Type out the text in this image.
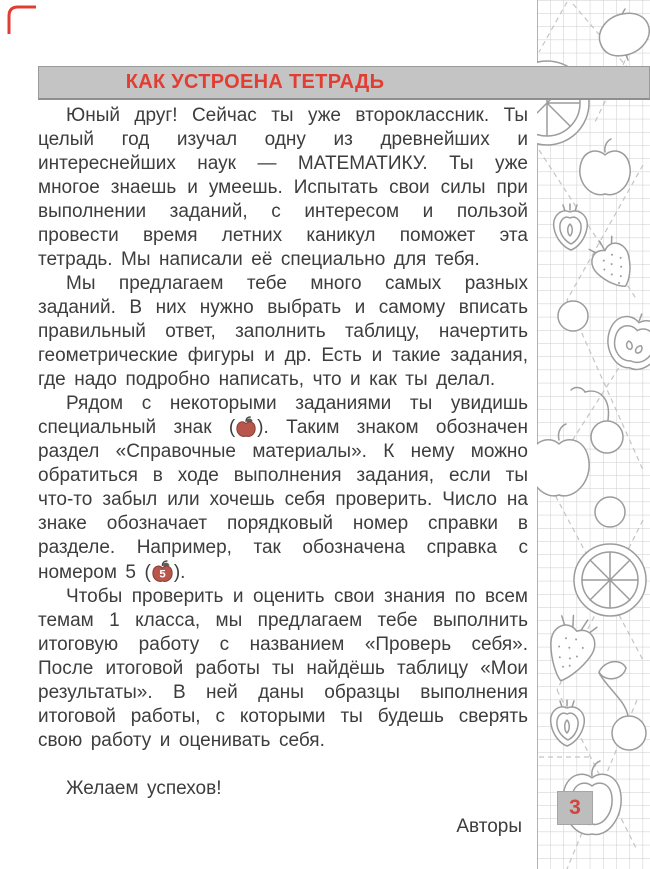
КАК УСТРОЕНА ТЕТРАДЬ

Юный друг! Сейчас ты уже второклассник. Ты целый год изучал одну из древнейших и интереснейших наук — МАТЕМАТИКУ. Ты уже многое знаешь и умеешь. Испытать свои силы при выполнении заданий, с интересом и пользой провести время летних каникул поможет эта тетрадь. Мы написали её специально для тебя.

Мы предлагаем тебе много самых разных заданий. В них нужно выбрать и самому вписать правильный ответ, заполнить таблицу, начертить геометрические фигуры и др. Есть и такие задания, где надо подробно написать, что и как ты делал.

Рядом с некоторыми заданиями ты увидишь специальный знак ( ). Таким знаком обозначен раздел «Справочные материалы». К нему можно обратиться в ходе выполнения задания, если ты что-то забыл или хочешь себя проверить. Число на знаке обозначает порядковый номер справки в разделе. Например, так обозначена справка с номером 5 ( 5 ).

Чтобы проверить и оценить свои знания по всем темам 1 класса, мы предлагаем тебе выполнить итоговую работу с названием «Проверь себя». После итоговой работы ты найдёшь таблицу «Мои результаты». В ней даны образцы выполнения итоговой работы, с которыми ты будешь сверять свою работу и оценивать себя.

Желаем успехов!

Авторы

3
